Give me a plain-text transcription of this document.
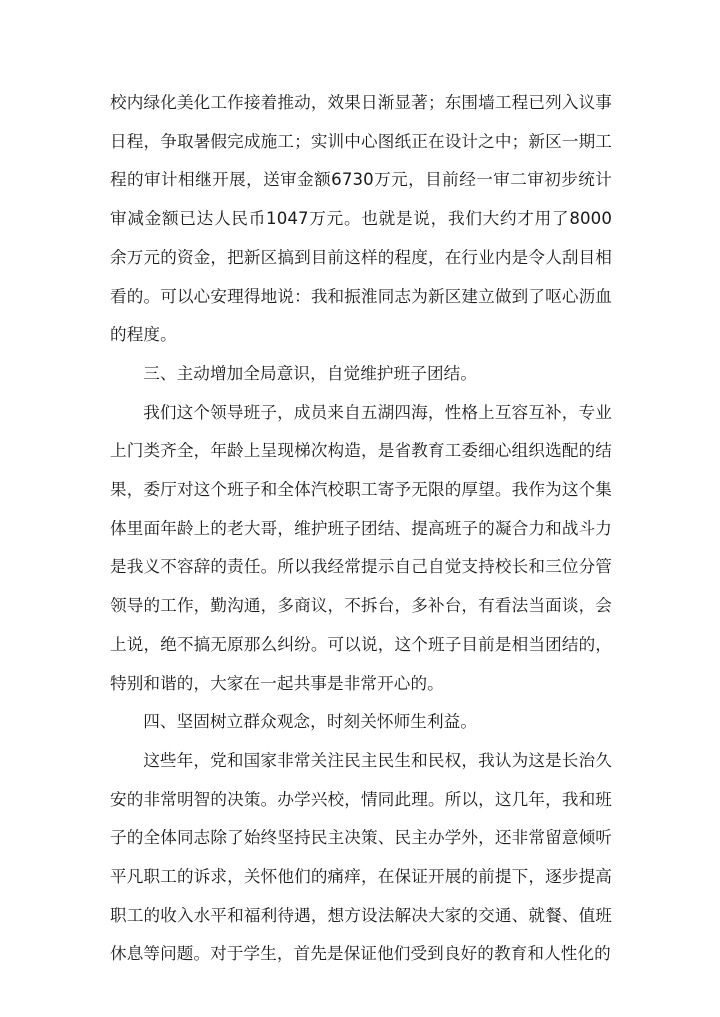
校内绿化美化工作接着推动，效果日渐显著；东围墙工程已列入议事日程，争取暑假完成施工；实训中心图纸正在设计之中；新区一期工程的审计相继开展，送审金额6730万元，目前经一审二审初步统计审减金额已达人民币1047万元。也就是说，我们大约才用了8000余万元的资金，把新区搞到目前这样的程度，在行业内是令人刮目相看的。可以心安理得地说：我和振淮同志为新区建立做到了呕心沥血的程度。

三、主动增加全局意识，自觉维护班子团结。

我们这个领导班子，成员来自五湖四海，性格上互容互补，专业上门类齐全，年龄上呈现梯次构造，是省教育工委细心组织选配的结果，委厅对这个班子和全体汽校职工寄予无限的厚望。我作为这个集体里面年龄上的老大哥，维护班子团结、提高班子的凝合力和战斗力是我义不容辞的责任。所以我经常提示自己自觉支持校长和三位分管领导的工作，勤沟通，多商议，不拆台，多补台，有看法当面谈，会上说，绝不搞无原那么纠纷。可以说，这个班子目前是相当团结的，特别和谐的，大家在一起共事是非常开心的。

四、坚固树立群众观念，时刻关怀师生利益。

这些年，党和国家非常关注民主民生和民权，我认为这是长治久安的非常明智的决策。办学兴校，情同此理。所以，这几年，我和班子的全体同志除了始终坚持民主决策、民主办学外，还非常留意倾听平凡职工的诉求，关怀他们的痛痒，在保证开展的前提下，逐步提高职工的收入水平和福利待遇，想方设法解决大家的交通、就餐、值班休息等问题。对于学生，首先是保证他们受到良好的教育和人性化的
